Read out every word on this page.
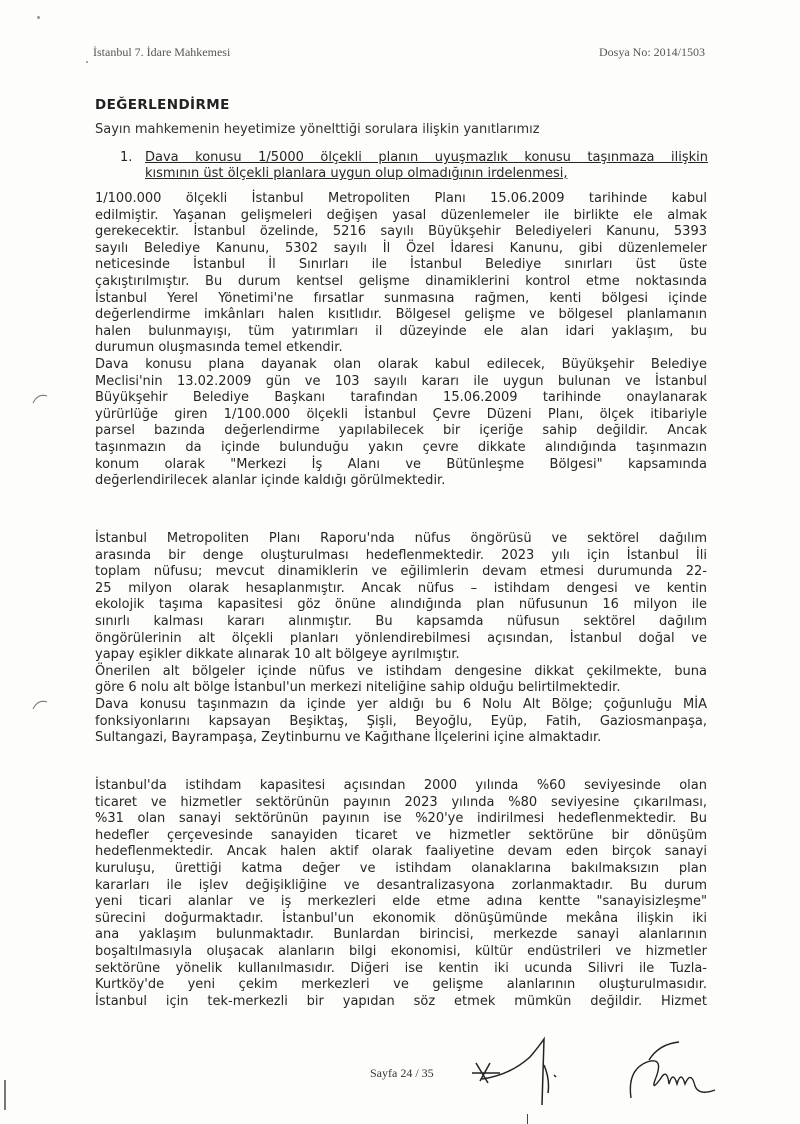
İstanbul 7. İdare Mahkemesi	Dosya No: 2014/1503
DEĞERLENDİRME
Sayın mahkemenin heyetimize yönelttiği sorulara ilişkin yanıtlarımız
1. Dava konusu 1/5000 ölçekli planın uyuşmazlık konusu taşınmaza ilişkin
kısmının üst ölçekli planlara uygun olup olmadığının irdelenmesi,
1/100.000 ölçekli İstanbul Metropoliten Planı 15.06.2009 tarihinde kabul
edilmiştir. Yaşanan gelişmeleri değişen yasal düzenlemeler ile birlikte ele almak
gerekecektir. İstanbul özelinde, 5216 sayılı Büyükşehir Belediyeleri Kanunu, 5393
sayılı Belediye Kanunu, 5302 sayılı İl Özel İdaresi Kanunu, gibi düzenlemeler
neticesinde İstanbul İl Sınırları ile İstanbul Belediye sınırları üst üste
çakıştırılmıştır. Bu durum kentsel gelişme dinamiklerini kontrol etme noktasında
İstanbul Yerel Yönetimi'ne fırsatlar sunmasına rağmen, kenti bölgesi içinde
değerlendirme imkânları halen kısıtlıdır. Bölgesel gelişme ve bölgesel planlamanın
halen bulunmayışı, tüm yatırımları il düzeyinde ele alan idari yaklaşım, bu
durumun oluşmasında temel etkendir.
Dava konusu plana dayanak olan olarak kabul edilecek, Büyükşehir Belediye
Meclisi'nin 13.02.2009 gün ve 103 sayılı kararı ile uygun bulunan ve İstanbul
Büyükşehir Belediye Başkanı tarafından 15.06.2009 tarihinde onaylanarak
yürürlüğe giren 1/100.000 ölçekli İstanbul Çevre Düzeni Planı, ölçek itibariyle
parsel bazında değerlendirme yapılabilecek bir içeriğe sahip değildir. Ancak
taşınmazın da içinde bulunduğu yakın çevre dikkate alındığında taşınmazın
konum olarak "Merkezi İş Alanı ve Bütünleşme Bölgesi" kapsamında
değerlendirilecek alanlar içinde kaldığı görülmektedir.
İstanbul Metropoliten Planı Raporu'nda nüfus öngörüsü ve sektörel dağılım
arasında bir denge oluşturulması hedeflenmektedir. 2023 yılı için İstanbul İli
toplam nüfusu; mevcut dinamiklerin ve eğilimlerin devam etmesi durumunda 22-
25 milyon olarak hesaplanmıştır. Ancak nüfus – istihdam dengesi ve kentin
ekolojik taşıma kapasitesi göz önüne alındığında plan nüfusunun 16 milyon ile
sınırlı kalması kararı alınmıştır. Bu kapsamda nüfusun sektörel dağılım
öngörülerinin alt ölçekli planları yönlendirebilmesi açısından, İstanbul doğal ve
yapay eşikler dikkate alınarak 10 alt bölgeye ayrılmıştır.
Önerilen alt bölgeler içinde nüfus ve istihdam dengesine dikkat çekilmekte, buna
göre 6 nolu alt bölge İstanbul'un merkezi niteliğine sahip olduğu belirtilmektedir.
Dava konusu taşınmazın da içinde yer aldığı bu 6 Nolu Alt Bölge; çoğunluğu MİA
fonksiyonlarını kapsayan Beşiktaş, Şişli, Beyoğlu, Eyüp, Fatih, Gaziosmanpaşa,
Sultangazi, Bayrampaşa, Zeytinburnu ve Kağıthane İlçelerini içine almaktadır.
İstanbul'da istihdam kapasitesi açısından 2000 yılında %60 seviyesinde olan
ticaret ve hizmetler sektörünün payının 2023 yılında %80 seviyesine çıkarılması,
%31 olan sanayi sektörünün payının ise %20'ye indirilmesi hedeflenmektedir. Bu
hedefler çerçevesinde sanayiden ticaret ve hizmetler sektörüne bir dönüşüm
hedeflenmektedir. Ancak halen aktif olarak faaliyetine devam eden birçok sanayi
kuruluşu, ürettiği katma değer ve istihdam olanaklarına bakılmaksızın plan
kararları ile işlev değişikliğine ve desantralizasyona zorlanmaktadır. Bu durum
yeni ticari alanlar ve iş merkezleri elde etme adına kentte "sanayisizleşme"
sürecini doğurmaktadır. İstanbul'un ekonomik dönüşümünde mekâna ilişkin iki
ana yaklaşım bulunmaktadır. Bunlardan birincisi, merkezde sanayi alanlarının
boşaltılmasıyla oluşacak alanların bilgi ekonomisi, kültür endüstrileri ve hizmetler
sektörüne yönelik kullanılmasıdır. Diğeri ise kentin iki ucunda Silivri ile Tuzla-
Kurtköy'de yeni çekim merkezleri ve gelişme alanlarının oluşturulmasıdır.
İstanbul için tek-merkezli bir yapıdan söz etmek mümkün değildir. Hizmet
Sayfa 24 / 35
